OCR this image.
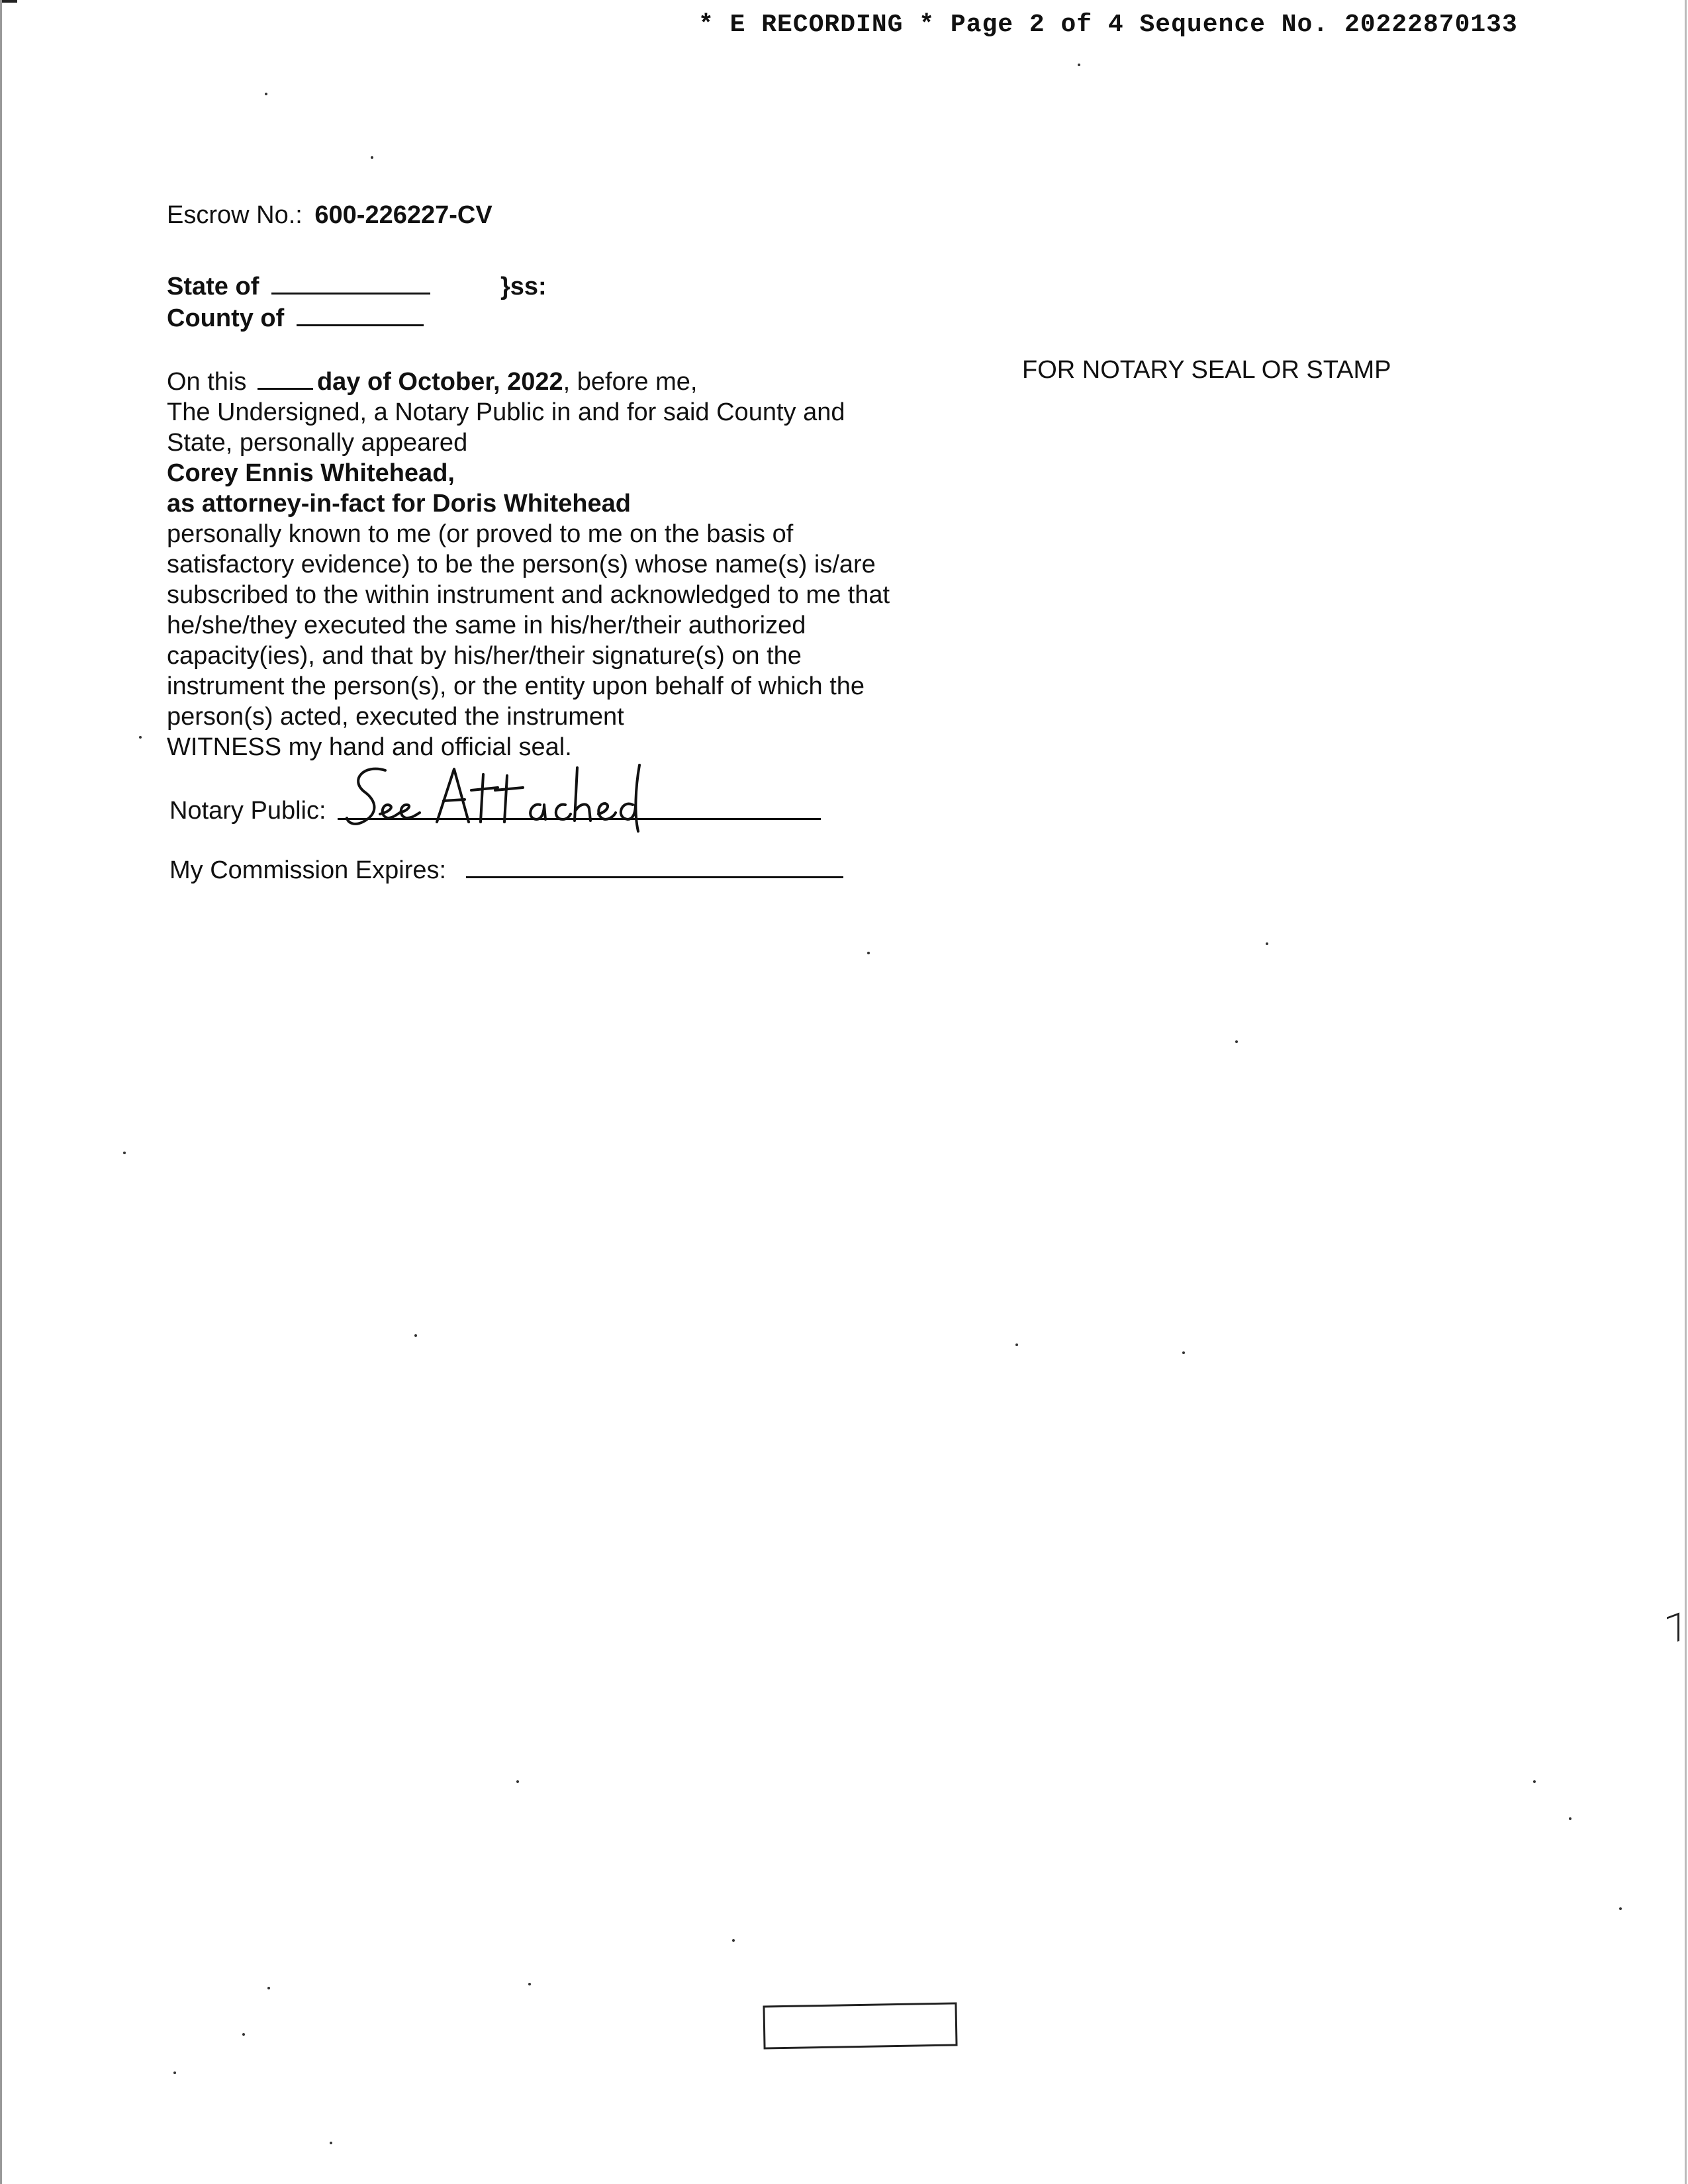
* E RECORDING * Page 2 of 4 Sequence No. 20222870133
Escrow No.: 600-226227-CV
State of	}ss:
County of
FOR NOTARY SEAL OR STAMP
On this	day of October, 2022, before me,
The Undersigned, a Notary Public in and for said County and
State, personally appeared
Corey Ennis Whitehead,
as attorney-in-fact for Doris Whitehead
personally known to me (or proved to me on the basis of
satisfactory evidence) to be the person(s) whose name(s) is/are
subscribed to the within instrument and acknowledged to me that
he/she/they executed the same in his/her/their authorized
capacity(ies), and that by his/her/their signature(s) on the
instrument the person(s), or the entity upon behalf of which the
person(s) acted, executed the instrument
WITNESS my hand and official seal.
Notary Public:
My Commission Expires:
